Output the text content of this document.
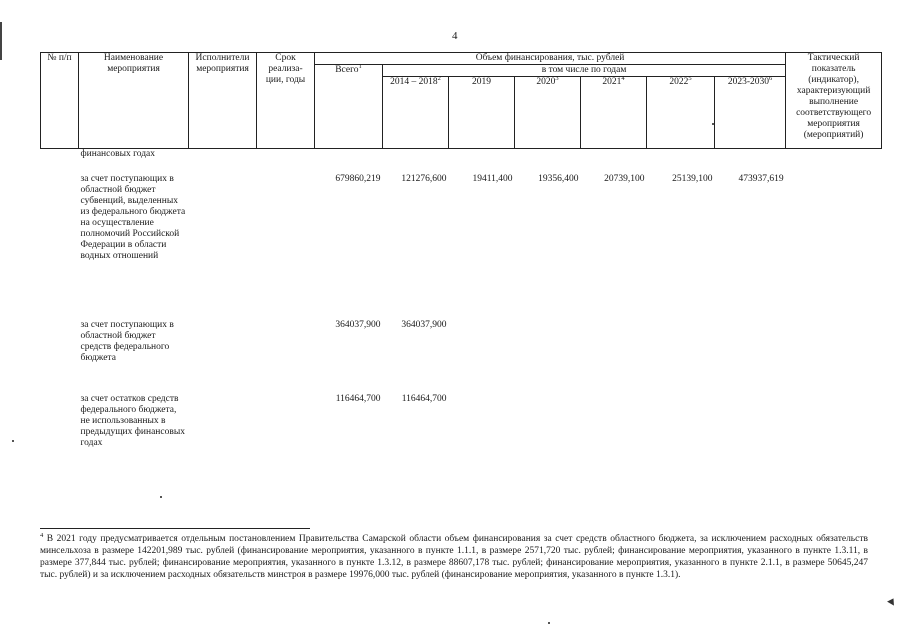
4
№ п/п	Наименование мероприятия	Исполнители мероприятия	Срок реализа- ции, годы	Объем финансирования, тыс. рублей							Тактический показатель (индикатор), характеризующий выполнение соответствующего мероприятия (мероприятий)
				Всего$^1$	в том числе по годам						
					2014 – 2018$^2$	2019	2020$^3$	2021$^4$	2022$^5$	2023-2030$^6$
	финансовых годах										
	за счет поступающих в областной бюджет субвенций, выделенных из федерального бюджета на осуществление полномочий Российской Федерации в области водных отношений			679860,219	121276,600	19411,400	19356,400	20739,100	25139,100	473937,619	
	за счет поступающих в областной бюджет средств федерального бюджета			364037,900	364037,900						
	за счет остатков средств федерального бюджета, не использованных в предыдущих финансовых годах			116464,700	116464,700						
$^4$ В 2021 году предусматривается отдельным постановлением Правительства Самарской области объем финансирования за счет средств областного бюджета, за исключением расходных обязательств минсельхоза в размере 142201,989 тыс. рублей (финансирование мероприятия, указанного в пункте 1.1.1, в размере 2571,720 тыс. рублей; финансирование мероприятия, указанного в пункте 1.3.11, в размере 377,844 тыс. рублей; финансирование мероприятия, указанного в пункте 1.3.12, в размере 88607,178 тыс. рублей; финансирование мероприятия, указанного в пункте 2.1.1, в размере 50645,247 тыс. рублей) и за исключением расходных обязательств минстроя в размере 19976,000 тыс. рублей (финансирование мероприятия, указанного в пункте 1.3.1).
